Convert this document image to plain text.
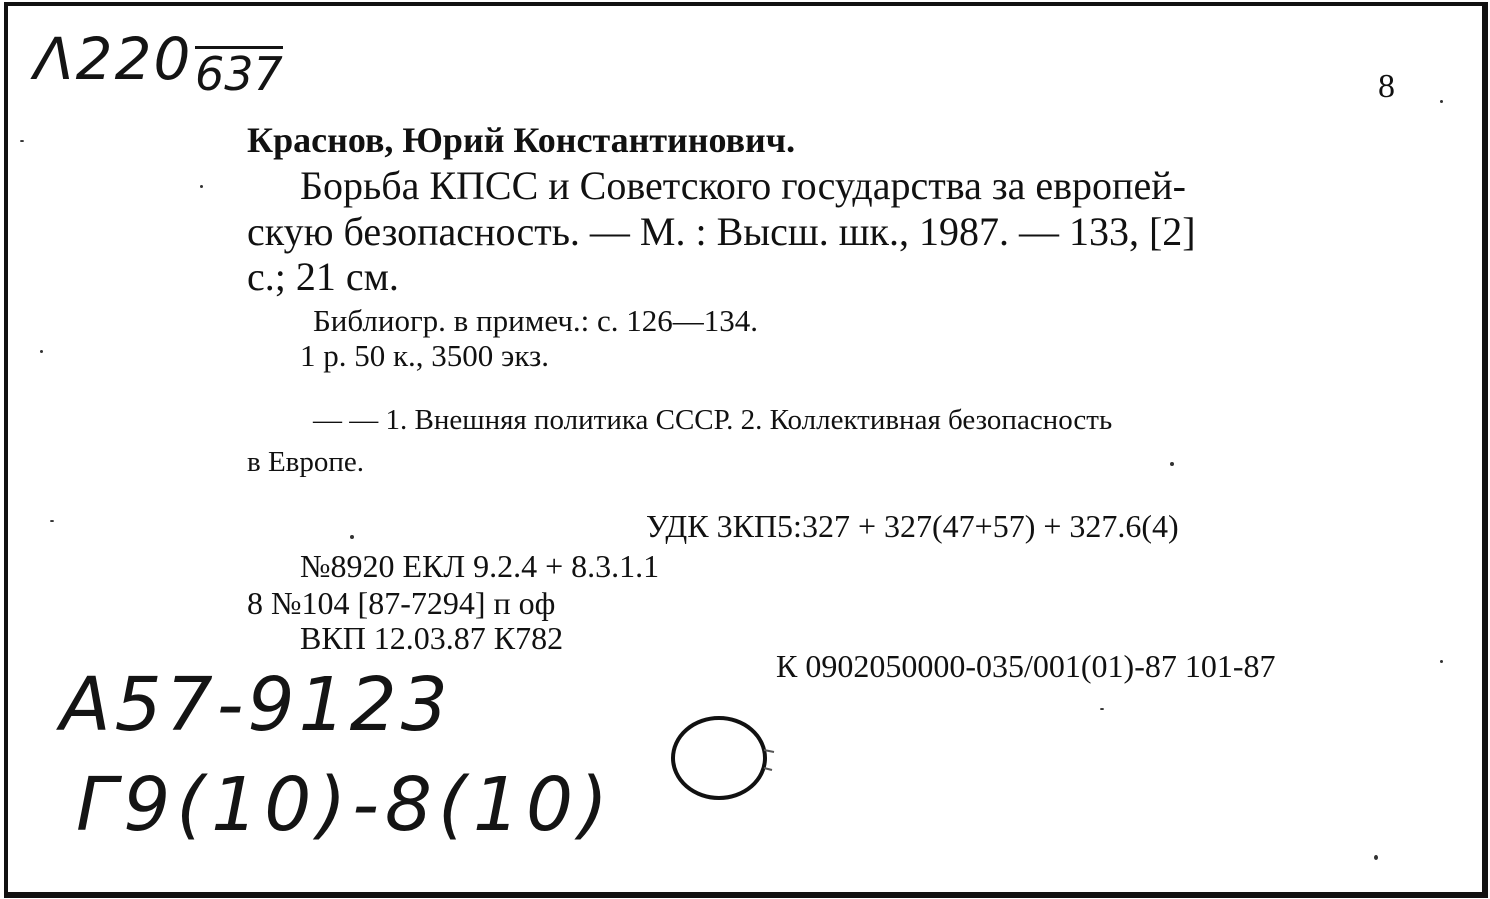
Λ220 637	8
Краснов, Юрий Константинович.
Борьба КПСС и Советского государства за европей-
скую безопасность. — М. : Высш. шк., 1987. — 133, [2]
с.; 21 см.
Библиогр. в примеч.: с. 126—134.
1 р. 50 к., 3500 экз.
— — 1. Внешняя политика СССР. 2. Коллективная безопасность
в Европе.
УДК 3КП5:327 + 327(47+57) + 327.6(4)
№8920 ЕКЛ 9.2.4 + 8.3.1.1
8 №104 [87-7294] п оф
ВКП 12.03.87 К782
К 0902050000-035/001(01)-87 101-87
A57-9123
Г9(10)-8(10)
